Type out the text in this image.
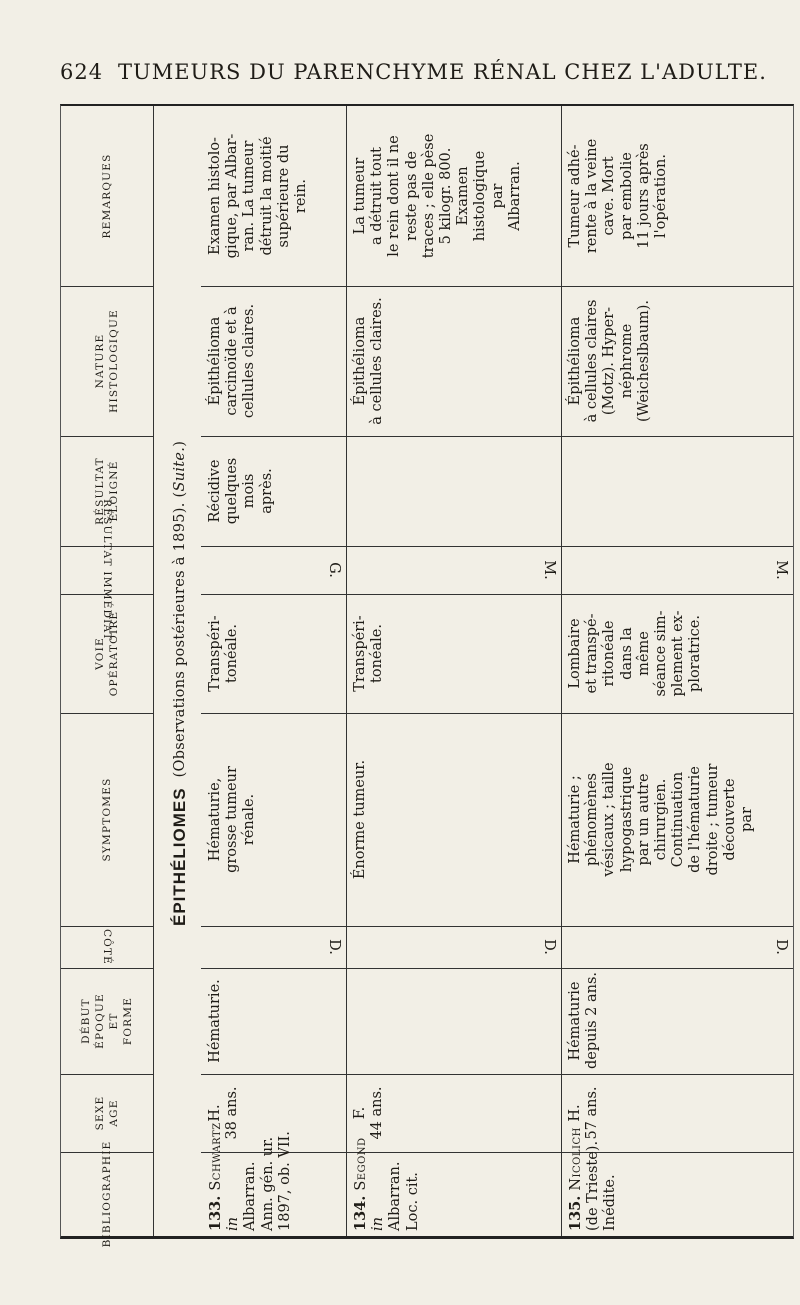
624 TUMEURS DU PARENCHYME RÉNAL CHEZ L'ADULTE.
REMARQUES
NATURE HISTOLOGIQUE
RÉSULTAT ÉLOIGNÉ
RÉSULTAT IMMÉDIAT
VOIE OPÉRATOIRE
SYMPTOMES
CÔTÉ
DÉBUT ÉPOQUE ET FORME
SEXE AGE
BIBLIOGRAPHIE
ÉPITHÉLIOMES
(Observations postérieures à 1895). (Suite.)
Examen histolo- gique, par Albar- ran. La tumeur détruit la moitié supérieure du rein.
Épithélioma carcinoïde et à cellules claires.
Récidive quelques mois après.
G.
Transpéri- tonéale.
Hématurie, grosse tumeur rénale.
D.
Hématurie.
H. 38 ans.
133. Schwartz
in Albarran. Ann. gén. ur. 1897, ob. VII.
La tumeur a détruit tout le rein dont il ne reste pas de traces ; elle pèse 5 kilogr. 800. Examen histologique par Albarran.
Épithélioma à cellules claires.
M.
Transpéri- tonéale.
Énorme tumeur.
D.
F. 44 ans.
134. Segond
in Albarran. Loc. cit.
Tumeur adhé- rente à la veine cave. Mort par embolie 11 jours après l'opération.
Épithélioma à cellules claires (Motz). Hyper- néphrome (Weicheslbaum).
M.
Lombaire et transpé- ritonéale dans la même séance sim- plement ex- ploratrice.
Hématurie ; phénomènes vésicaux ; taille hypogastrique par un autre chirurgien. Continuation de l'hématurie droite ; tumeur découverte par
D.
Hématurie depuis 2 ans.
H. 57 ans.
135. Nicolich (de Trieste). Inédite.
